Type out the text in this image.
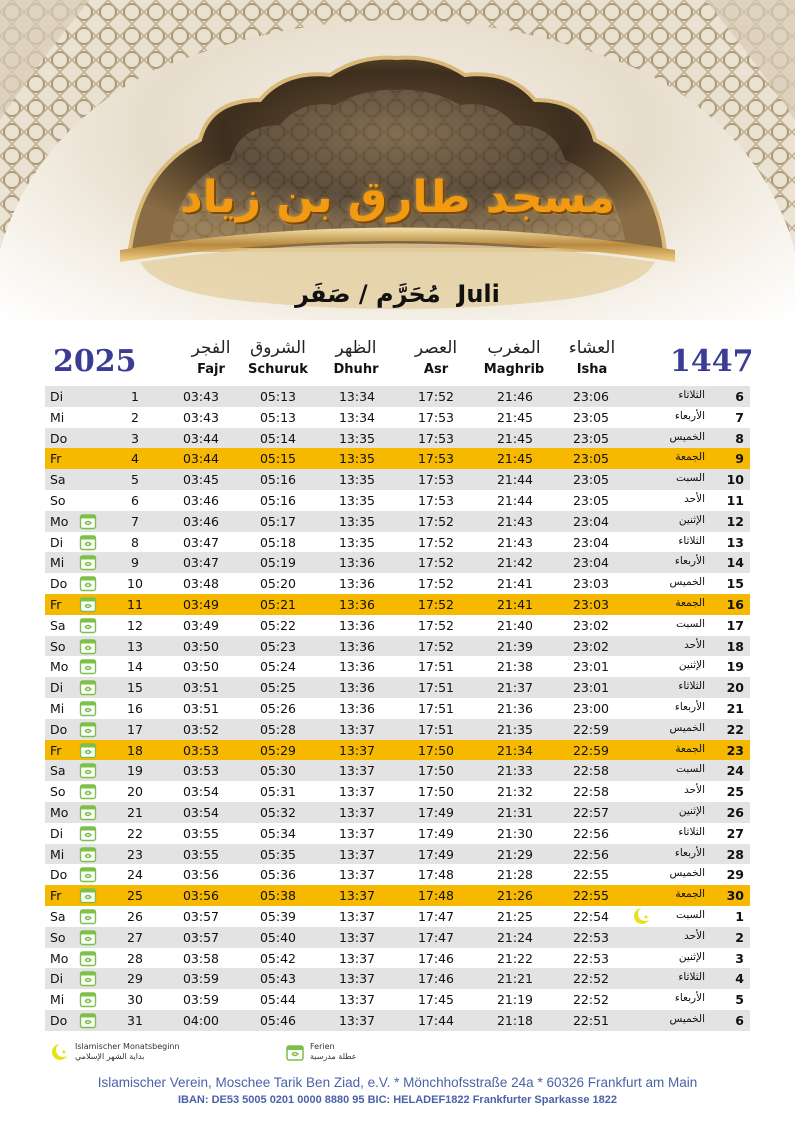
مسجد طارق بن زياد
مُحَرَّم / صَفَر Juli
2025	1447
الفجر
Fajr
الشروق
Schuruk
الظهر
Dhuhr
العصر
Asr
المغرب
Maghrib
العشاء
Isha
Di	1	03:43	05:13	13:34	17:52	21:46	23:06	الثلاثاء	6
Mi	2	03:43	05:13	13:34	17:53	21:45	23:05	الأربعاء	7
Do	3	03:44	05:14	13:35	17:53	21:45	23:05	الخميس	8
Fr	4	03:44	05:15	13:35	17:53	21:45	23:05	الجمعة	9
Sa	5	03:45	05:16	13:35	17:53	21:44	23:05	السبت	10
So	6	03:46	05:16	13:35	17:53	21:44	23:05	الأحد	11
Mo	7	03:46	05:17	13:35	17:52	21:43	23:04	الإثنين	12
Di	8	03:47	05:18	13:35	17:52	21:43	23:04	الثلاثاء	13
Mi	9	03:47	05:19	13:36	17:52	21:42	23:04	الأربعاء	14
Do	10	03:48	05:20	13:36	17:52	21:41	23:03	الخميس	15
Fr	11	03:49	05:21	13:36	17:52	21:41	23:03	الجمعة	16
Sa	12	03:49	05:22	13:36	17:52	21:40	23:02	السبت	17
So	13	03:50	05:23	13:36	17:52	21:39	23:02	الأحد	18
Mo	14	03:50	05:24	13:36	17:51	21:38	23:01	الإثنين	19
Di	15	03:51	05:25	13:36	17:51	21:37	23:01	الثلاثاء	20
Mi	16	03:51	05:26	13:36	17:51	21:36	23:00	الأربعاء	21
Do	17	03:52	05:28	13:37	17:51	21:35	22:59	الخميس	22
Fr	18	03:53	05:29	13:37	17:50	21:34	22:59	الجمعة	23
Sa	19	03:53	05:30	13:37	17:50	21:33	22:58	السبت	24
So	20	03:54	05:31	13:37	17:50	21:32	22:58	الأحد	25
Mo	21	03:54	05:32	13:37	17:49	21:31	22:57	الإثنين	26
Di	22	03:55	05:34	13:37	17:49	21:30	22:56	الثلاثاء	27
Mi	23	03:55	05:35	13:37	17:49	21:29	22:56	الأربعاء	28
Do	24	03:56	05:36	13:37	17:48	21:28	22:55	الخميس	29
Fr	25	03:56	05:38	13:37	17:48	21:26	22:55	الجمعة	30
Sa	26	03:57	05:39	13:37	17:47	21:25	22:54	السبت	1
So	27	03:57	05:40	13:37	17:47	21:24	22:53	الأحد	2
Mo	28	03:58	05:42	13:37	17:46	21:22	22:53	الإثنين	3
Di	29	03:59	05:43	13:37	17:46	21:21	22:52	الثلاثاء	4
Mi	30	03:59	05:44	13:37	17:45	21:19	22:52	الأربعاء	5
Do	31	04:00	05:46	13:37	17:44	21:18	22:51	الخميس	6
Islamischer Monatsbeginn
بداية الشهر الإسلامي
Ferien
عطلة مدرسية
Islamischer Verein, Moschee Tarik Ben Ziad, e.V. * Mönchhofsstraße 24a * 60326 Frankfurt am Main
IBAN: DE53 5005 0201 0000 8880 95 BIC: HELADEF1822 Frankfurter Sparkasse 1822
